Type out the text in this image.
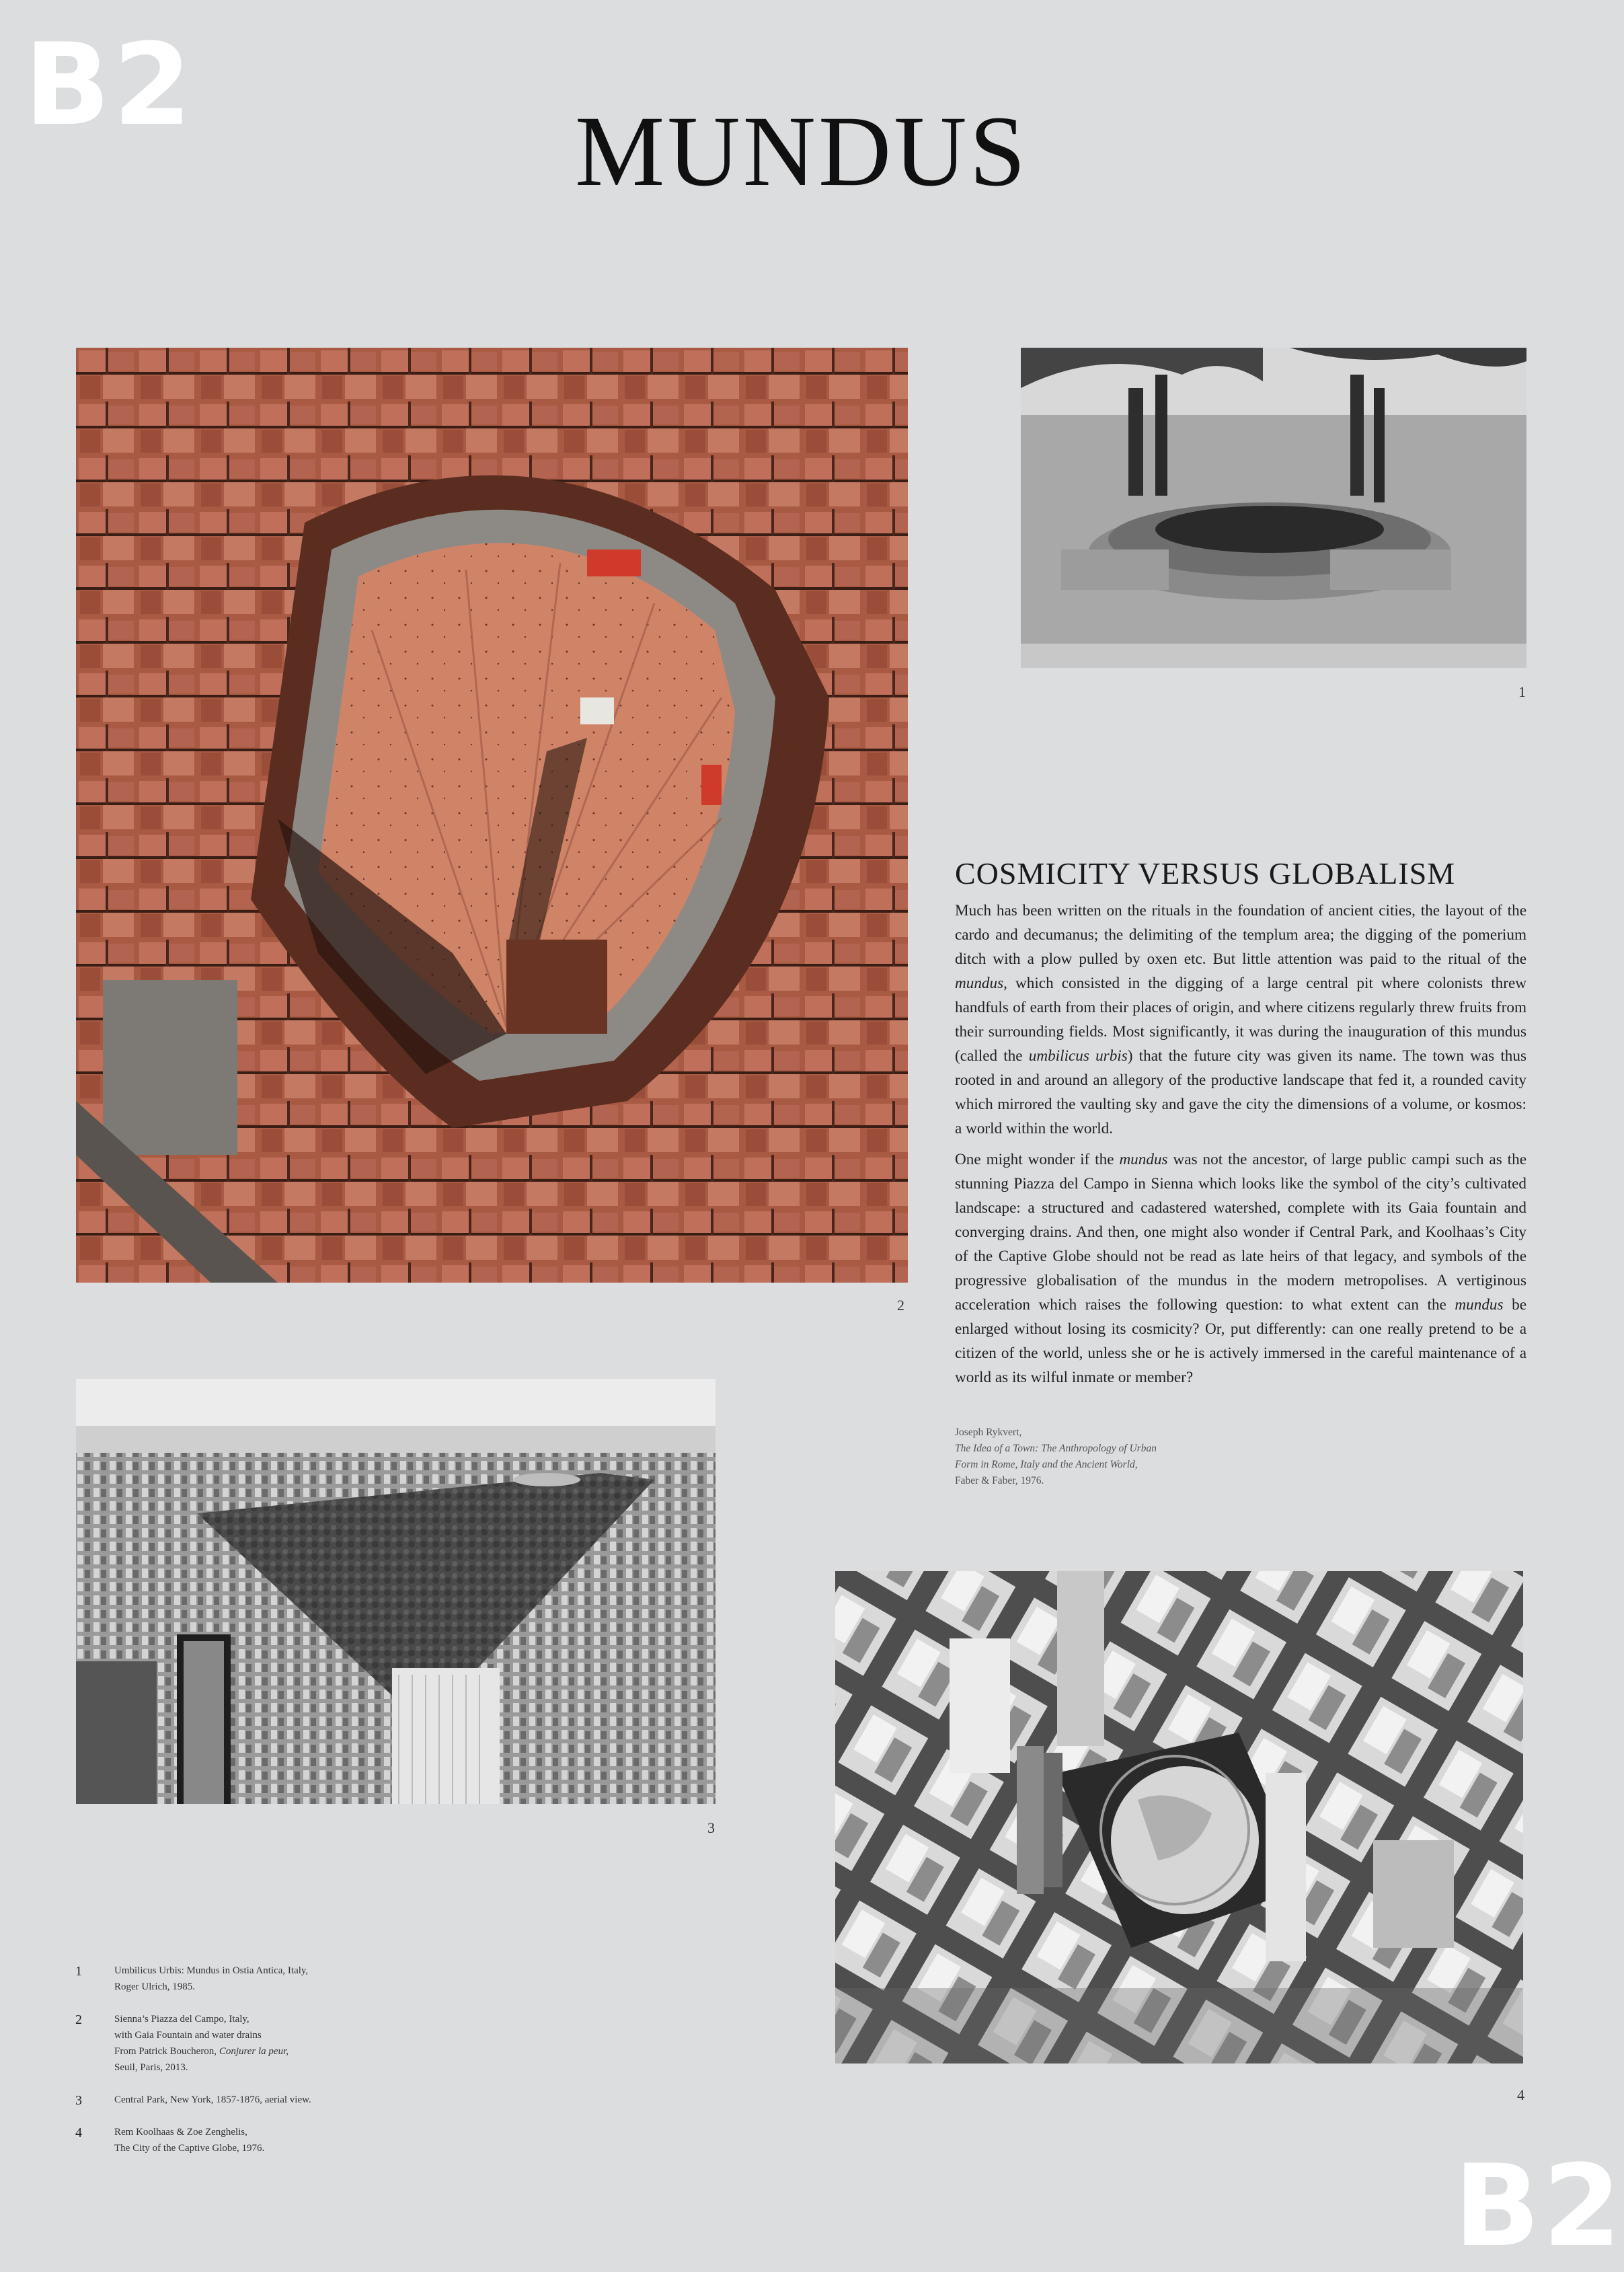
B2
B2
MUNDUS
2
1
COSMICITY VERSUS GLOBALISM

Much has been written on the rituals in the foundation of ancient cities, the layout of the cardo and decumanus; the delimiting of the templum area; the digging of the pomerium ditch with a plow pulled by oxen etc. But little attention was paid to the ritual of the mundus, which consisted in the digging of a large central pit where colonists threw handfuls of earth from their places of origin, and where citizens regularly threw fruits from their surrounding fields. Most significantly, it was during the inauguration of this mundus (called the umbilicus urbis) that the future city was given its name. The town was thus rooted in and around an allegory of the productive landscape that fed it, a rounded cavity which mirrored the vaulting sky and gave the city the dimensions of a volume, or kosmos: a world within the world.

One might wonder if the mundus was not the ancestor, of large public campi such as the stunning Piazza del Campo in Sienna which looks like the symbol of the city’s cultivated landscape: a structured and cadastered watershed, complete with its Gaia fountain and converging drains. And then, one might also wonder if Central Park, and Koolhaas’s City of the Captive Globe should not be read as late heirs of that legacy, and symbols of the progressive globalisation of the mundus in the modern metropolises. A vertiginous acceleration which raises the following question: to what extent can the mundus be enlarged without losing its cosmicity? Or, put differently: can one really pretend to be a citizen of the world, unless she or he is actively immersed in the careful maintenance of a world as its wilful inmate or member?

Joseph Rykvert,
The Idea of a Town: The Anthropology of Urban
Form in Rome, Italy and the Ancient World,
Faber & Faber, 1976.
3
4
1	Umbilicus Urbis: Mundus in Ostia Antica, Italy,
Roger Ulrich, 1985.
2	Sienna’s Piazza del Campo, Italy,
with Gaia Fountain and water drains
From Patrick Boucheron, Conjurer la peur,
Seuil, Paris, 2013.
3	Central Park, New York, 1857-1876, aerial view.
4	Rem Koolhaas & Zoe Zenghelis,
The City of the Captive Globe, 1976.
